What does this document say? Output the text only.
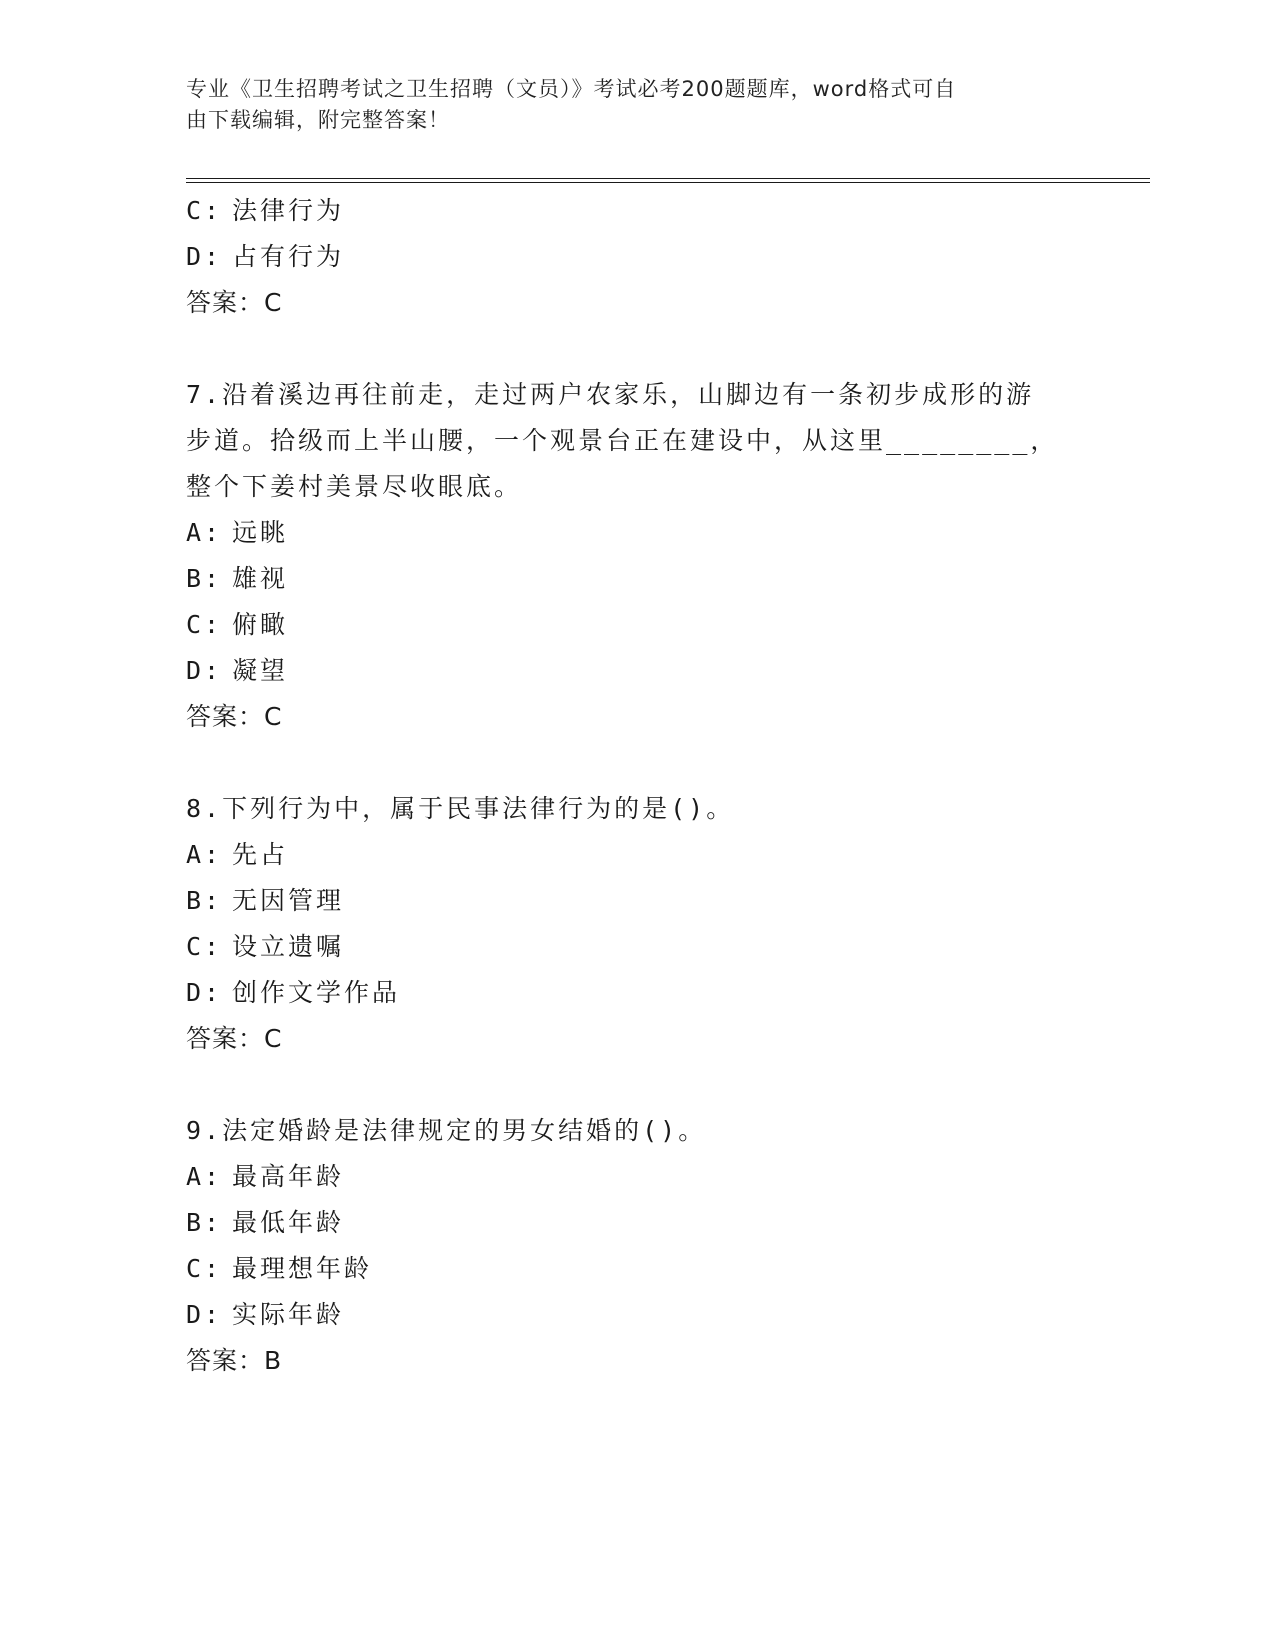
专业《卫生招聘考试之卫生招聘（文员）》考试必考200题题库，word格式可自
由下载编辑，附完整答案！
C: 法律行为
D: 占有行为
答案：C
7.沿着溪边再往前走，走过两户农家乐，山脚边有一条初步成形的游
步道。拾级而上半山腰，一个观景台正在建设中，从这里________，
整个下姜村美景尽收眼底。
A: 远眺
B: 雄视
C: 俯瞰
D: 凝望
答案：C
8.下列行为中，属于民事法律行为的是()。
A: 先占
B: 无因管理
C: 设立遗嘱
D: 创作文学作品
答案：C
9.法定婚龄是法律规定的男女结婚的()。
A: 最高年龄
B: 最低年龄
C: 最理想年龄
D: 实际年龄
答案：B
